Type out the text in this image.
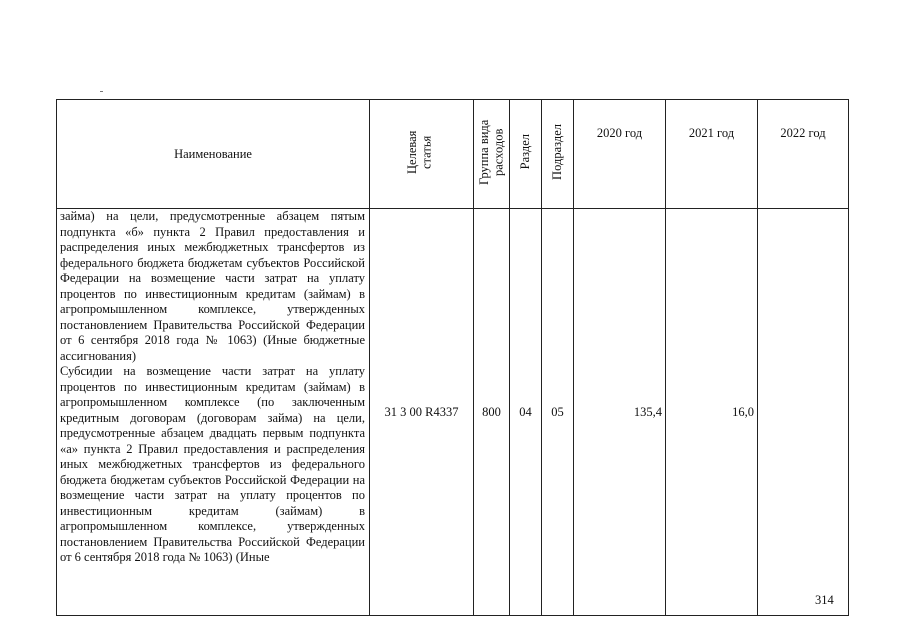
Наименование	Целевая статья	Группа вида расходов	Раздел	Подраздел	2020 год	2021 год	2022 год

займа) на цели, предусмотренные абзацем пятым подпункта «б» пункта 2 Правил предоставления и распределения иных межбюджетных трансфертов из федерального бюджета бюджетам субъектов Российской Федерации на возмещение части затрат на уплату процентов по инвестиционным кредитам (займам) в агропромышленном комплексе, утвержденных постановлением Правительства Российской Федерации от 6 сентября 2018 года № 1063) (Иные бюджетные ассигнования)

Субсидии на возмещение части затрат на уплату процентов по инвестиционным кредитам (займам) в агропромышленном комплексе (по заключенным кредитным договорам (договорам займа) на цели, предусмотренные абзацем двадцать первым подпункта «а» пункта 2 Правил предоставления и распределения иных межбюджетных трансфертов из федерального бюджета бюджетам субъектов Российской Федерации на возмещение части затрат на уплату процентов по инвестиционным кредитам (займам) в агропромышленном комплексе, утвержденных постановлением Правительства Российской Федерации от 6 сентября 2018 года № 1063) (Иные	31 3 00 R4337	800	04	05	135,4	16,0	
314
